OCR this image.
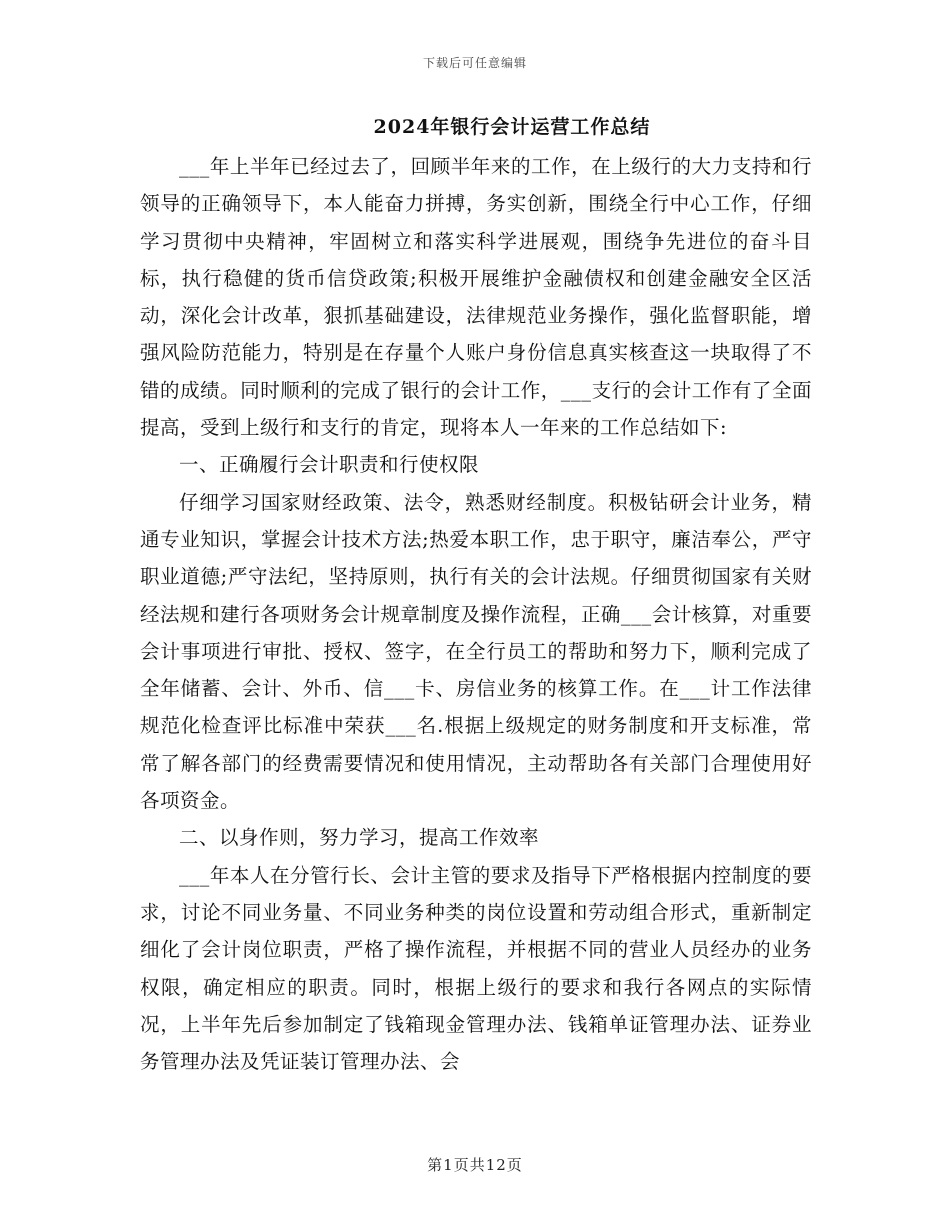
下载后可任意编辑
2024年银行会计运营工作总结

___年上半年已经过去了，回顾半年来的工作，在上级行的大力支持和行领导的正确领导下，本人能奋力拼搏，务实创新，围绕全行中心工作，仔细学习贯彻中央精神，牢固树立和落实科学进展观，围绕争先进位的奋斗目标，执行稳健的货币信贷政策;积极开展维护金融债权和创建金融安全区活动，深化会计改革，狠抓基础建设，法律规范业务操作，强化监督职能，增强风险防范能力，特别是在存量个人账户身份信息真实核查这一块取得了不错的成绩。同时顺利的完成了银行的会计工作，___支行的会计工作有了全面提高，受到上级行和支行的肯定，现将本人一年来的工作总结如下:

一、正确履行会计职责和行使权限

仔细学习国家财经政策、法令，熟悉财经制度。积极钻研会计业务，精通专业知识，掌握会计技术方法;热爱本职工作，忠于职守，廉洁奉公，严守职业道德;严守法纪，坚持原则，执行有关的会计法规。仔细贯彻国家有关财经法规和建行各项财务会计规章制度及操作流程，正确___会计核算，对重要会计事项进行审批、授权、签字，在全行员工的帮助和努力下，顺利完成了全年储蓄、会计、外币、信___卡、房信业务的核算工作。在___计工作法律规范化检查评比标准中荣获___名.根据上级规定的财务制度和开支标准，常常了解各部门的经费需要情况和使用情况，主动帮助各有关部门合理使用好各项资金。

二、以身作则，努力学习，提高工作效率

___年本人在分管行长、会计主管的要求及指导下严格根据内控制度的要求，讨论不同业务量、不同业务种类的岗位设置和劳动组合形式，重新制定细化了会计岗位职责，严格了操作流程，并根据不同的营业人员经办的业务权限，确定相应的职责。同时，根据上级行的要求和我行各网点的实际情况，上半年先后参加制定了钱箱现金管理办法、钱箱单证管理办法、证券业务管理办法及凭证装订管理办法、会

第1页共12页
